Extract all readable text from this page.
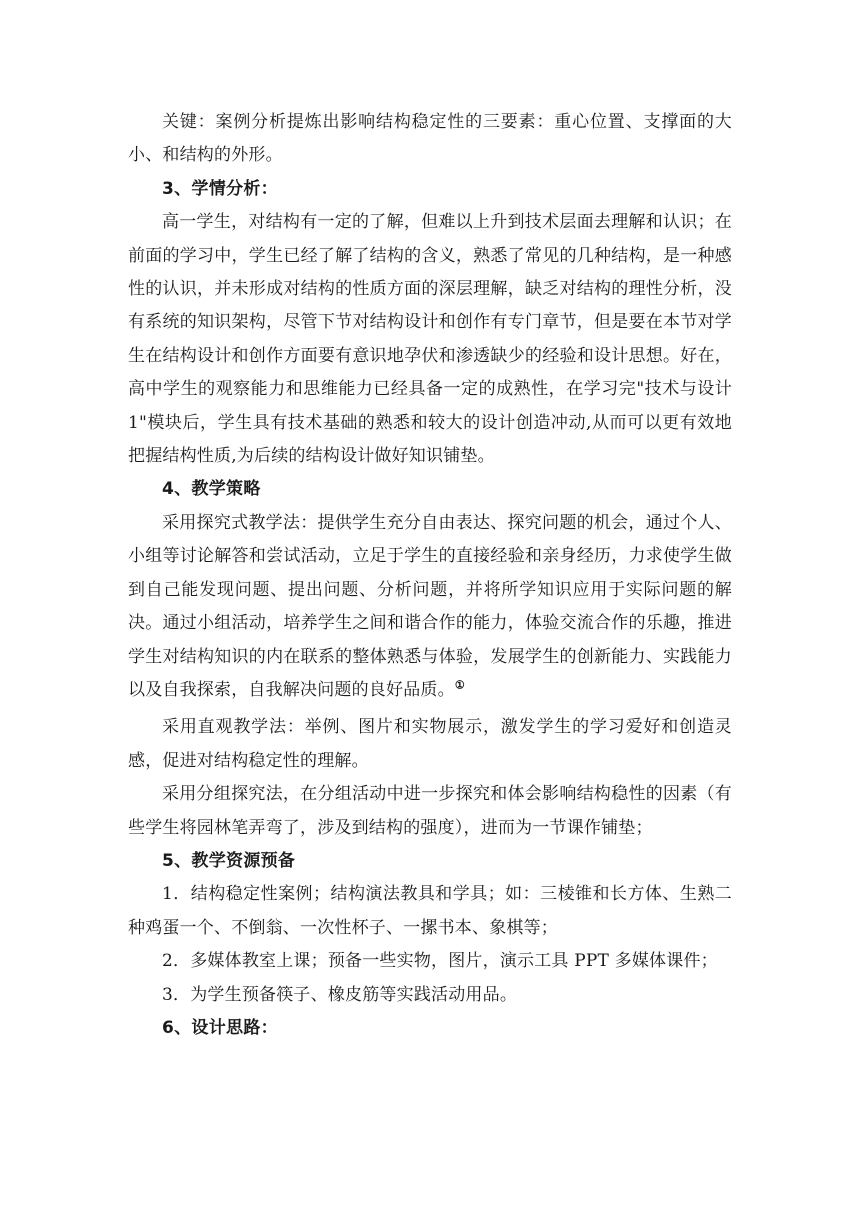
关键：案例分析提炼出影响结构稳定性的三要素：重心位置、支撑面的大小、和结构的外形。

3、学情分析：

高一学生，对结构有一定的了解，但难以上升到技术层面去理解和认识；在前面的学习中，学生已经了解了结构的含义，熟悉了常见的几种结构，是一种感性的认识，并未形成对结构的性质方面的深层理解，缺乏对结构的理性分析，没有系统的知识架构，尽管下节对结构设计和创作有专门章节，但是要在本节对学生在结构设计和创作方面要有意识地孕伏和渗透缺少的经验和设计思想。好在，高中学生的观察能力和思维能力已经具备一定的成熟性，在学习完"技术与设计1"模块后，学生具有技术基础的熟悉和较大的设计创造冲动,从而可以更有效地把握结构性质,为后续的结构设计做好知识铺垫。

4、教学策略

采用探究式教学法：提供学生充分自由表达、探究问题的机会，通过个人、小组等讨论解答和尝试活动，立足于学生的直接经验和亲身经历，力求使学生做到自己能发现问题、提出问题、分析问题，并将所学知识应用于实际问题的解决。通过小组活动，培养学生之间和谐合作的能力，体验交流合作的乐趣，推进学生对结构知识的内在联系的整体熟悉与体验，发展学生的创新能力、实践能力以及自我探索，自我解决问题的良好品质。①

采用直观教学法：举例、图片和实物展示，激发学生的学习爱好和创造灵感，促进对结构稳定性的理解。

采用分组探究法，在分组活动中进一步探究和体会影响结构稳性的因素（有些学生将园林笔弄弯了，涉及到结构的强度），进而为一节课作铺垫；

5、教学资源预备

1．结构稳定性案例；结构演法教具和学具；如：三棱锥和长方体、生熟二种鸡蛋一个、不倒翁、一次性杯子、一摞书本、象棋等；

2．多媒体教室上课；预备一些实物，图片，演示工具 PPT 多媒体课件；

3．为学生预备筷子、橡皮筋等实践活动用品。

6、设计思路：
